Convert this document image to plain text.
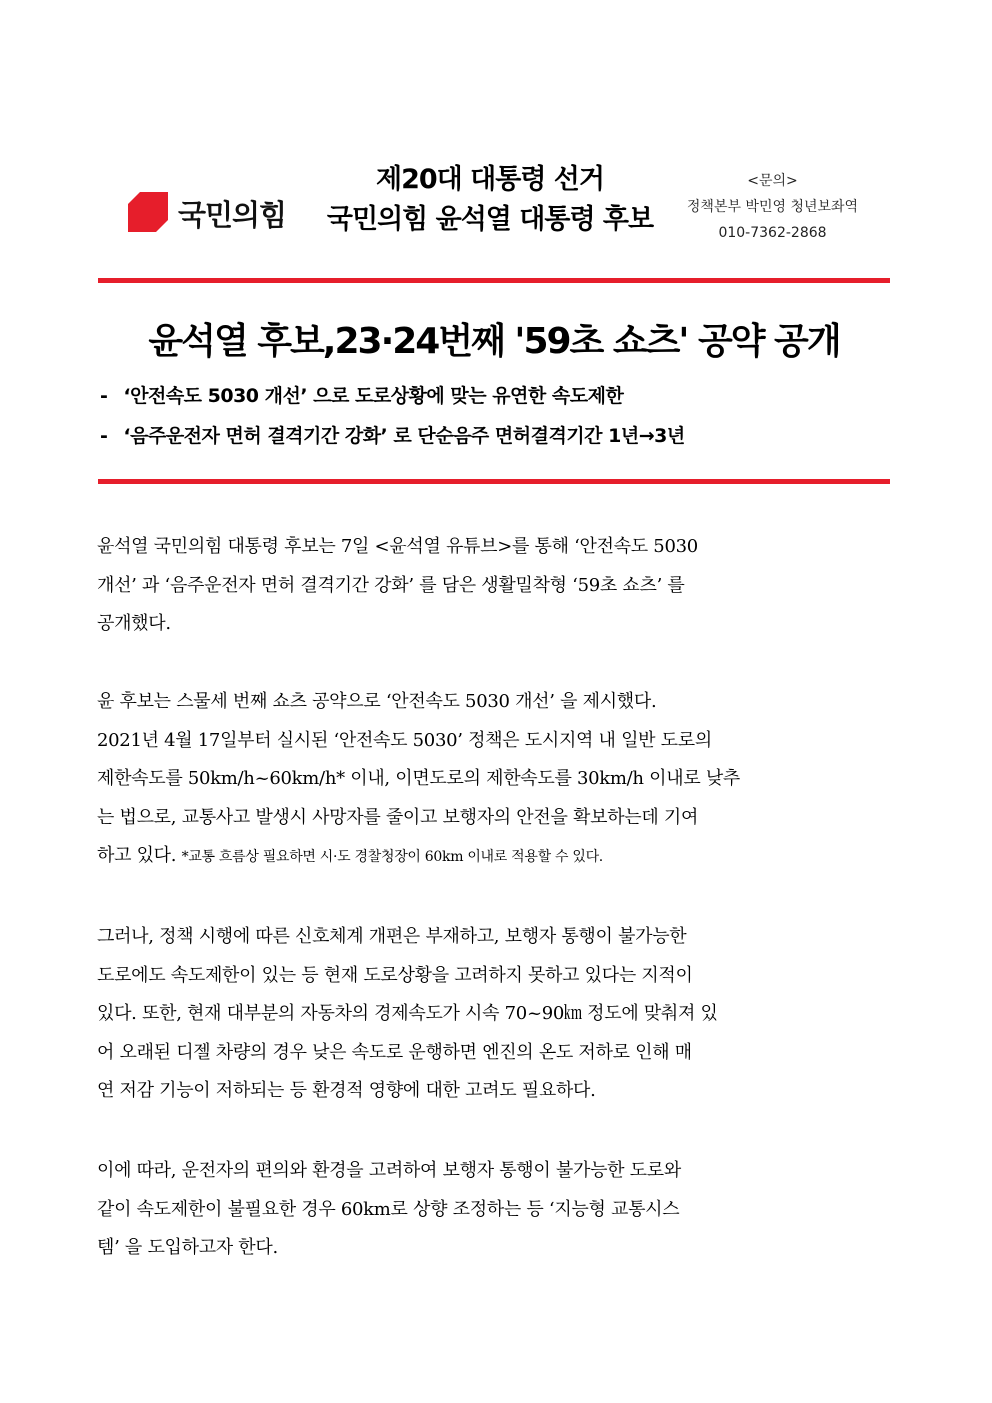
국민의힘
제20대 대통령 선거
국민의힘 윤석열 대통령 후보
<문의>
정책본부 박민영 청년보좌역
010-7362-2868
윤석열 후보,23·24번째 '59초 쇼츠' 공약 공개
- ‘안전속도 5030 개선’ 으로 도로상황에 맞는 유연한 속도제한
- ‘음주운전자 면허 결격기간 강화’ 로 단순음주 면허결격기간 1년→3년
윤석열 국민의힘 대통령 후보는 7일 <윤석열 유튜브>를 통해 ‘안전속도 5030
개선’ 과 ‘음주운전자 면허 결격기간 강화’ 를 담은 생활밀착형 ‘59초 쇼츠’ 를
공개했다.
윤 후보는 스물세 번째 쇼츠 공약으로 ‘안전속도 5030 개선’ 을 제시했다.
2021년 4월 17일부터 실시된 ‘안전속도 5030’ 정책은 도시지역 내 일반 도로의
제한속도를 50km/h~60km/h* 이내, 이면도로의 제한속도를 30km/h 이내로 낮추
는 법으로, 교통사고 발생시 사망자를 줄이고 보행자의 안전을 확보하는데 기여
하고 있다. *교통 흐름상 필요하면 시·도 경찰청장이 60km 이내로 적용할 수 있다.
그러나, 정책 시행에 따른 신호체계 개편은 부재하고, 보행자 통행이 불가능한
도로에도 속도제한이 있는 등 현재 도로상황을 고려하지 못하고 있다는 지적이
있다. 또한, 현재 대부분의 자동차의 경제속도가 시속 70~90㎞ 정도에 맞춰져 있
어 오래된 디젤 차량의 경우 낮은 속도로 운행하면 엔진의 온도 저하로 인해 매
연 저감 기능이 저하되는 등 환경적 영향에 대한 고려도 필요하다.
이에 따라, 운전자의 편의와 환경을 고려하여 보행자 통행이 불가능한 도로와
같이 속도제한이 불필요한 경우 60km로 상향 조정하는 등 ‘지능형 교통시스
템’ 을 도입하고자 한다.
